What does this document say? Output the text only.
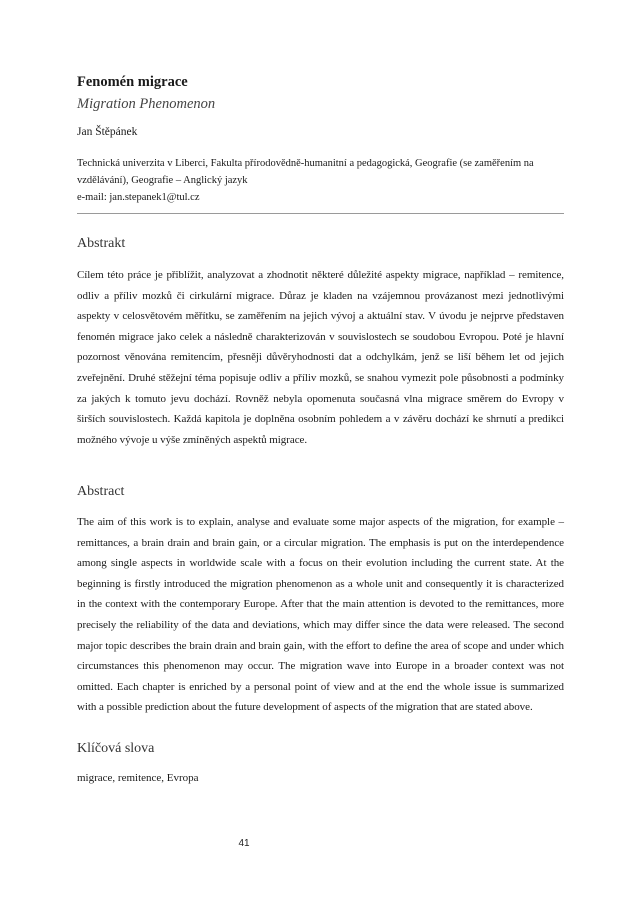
Fenomén migrace
Migration Phenomenon
Jan Štěpánek
Technická univerzita v Liberci, Fakulta přírodovědně-humanitní a pedagogická, Geografie (se zaměřením na vzdělávání), Geografie – Anglický jazyk
e-mail: jan.stepanek1@tul.cz
Abstrakt
Cílem této práce je přiblížit, analyzovat a zhodnotit některé důležité aspekty migrace, například – remitence, odliv a příliv mozků či cirkulární migrace. Důraz je kladen na vzájemnou provázanost mezi jednotlivými aspekty v celosvětovém měřítku, se zaměřením na jejich vývoj a aktuální stav. V úvodu je nejprve představen fenomén migrace jako celek a následně charakterizován v souvislostech se soudobou Evropou. Poté je hlavní pozornost věnována remitencím, přesněji důvěryhodnosti dat a odchylkám, jenž se liší během let od jejich zveřejnění. Druhé stěžejní téma popisuje odliv a příliv mozků, se snahou vymezit pole působnosti a podmínky za jakých k tomuto jevu dochází. Rovněž nebyla opomenuta současná vlna migrace směrem do Evropy v širších souvislostech. Každá kapitola je doplněna osobním pohledem a v závěru dochází ke shrnutí a predikci možného vývoje u výše zmíněných aspektů migrace.
Abstract
The aim of this work is to explain, analyse and evaluate some major aspects of the migration, for example – remittances, a brain drain and brain gain, or a circular migration. The emphasis is put on the interdependence among single aspects in worldwide scale with a focus on their evolution including the current state. At the beginning is firstly introduced the migration phenomenon as a whole unit and consequently it is characterized in the context with the contemporary Europe. After that the main attention is devoted to the remittances, more precisely the reliability of the data and deviations, which may differ since the data were released. The second major topic describes the brain drain and brain gain, with the effort to define the area of scope and under which circumstances this phenomenon may occur. The migration wave into Europe in a broader context was not omitted. Each chapter is enriched by a personal point of view and at the end the whole issue is summarized with a possible prediction about the future development of aspects of the migration that are stated above.
Klíčová slova
migrace, remitence, Evropa
41
